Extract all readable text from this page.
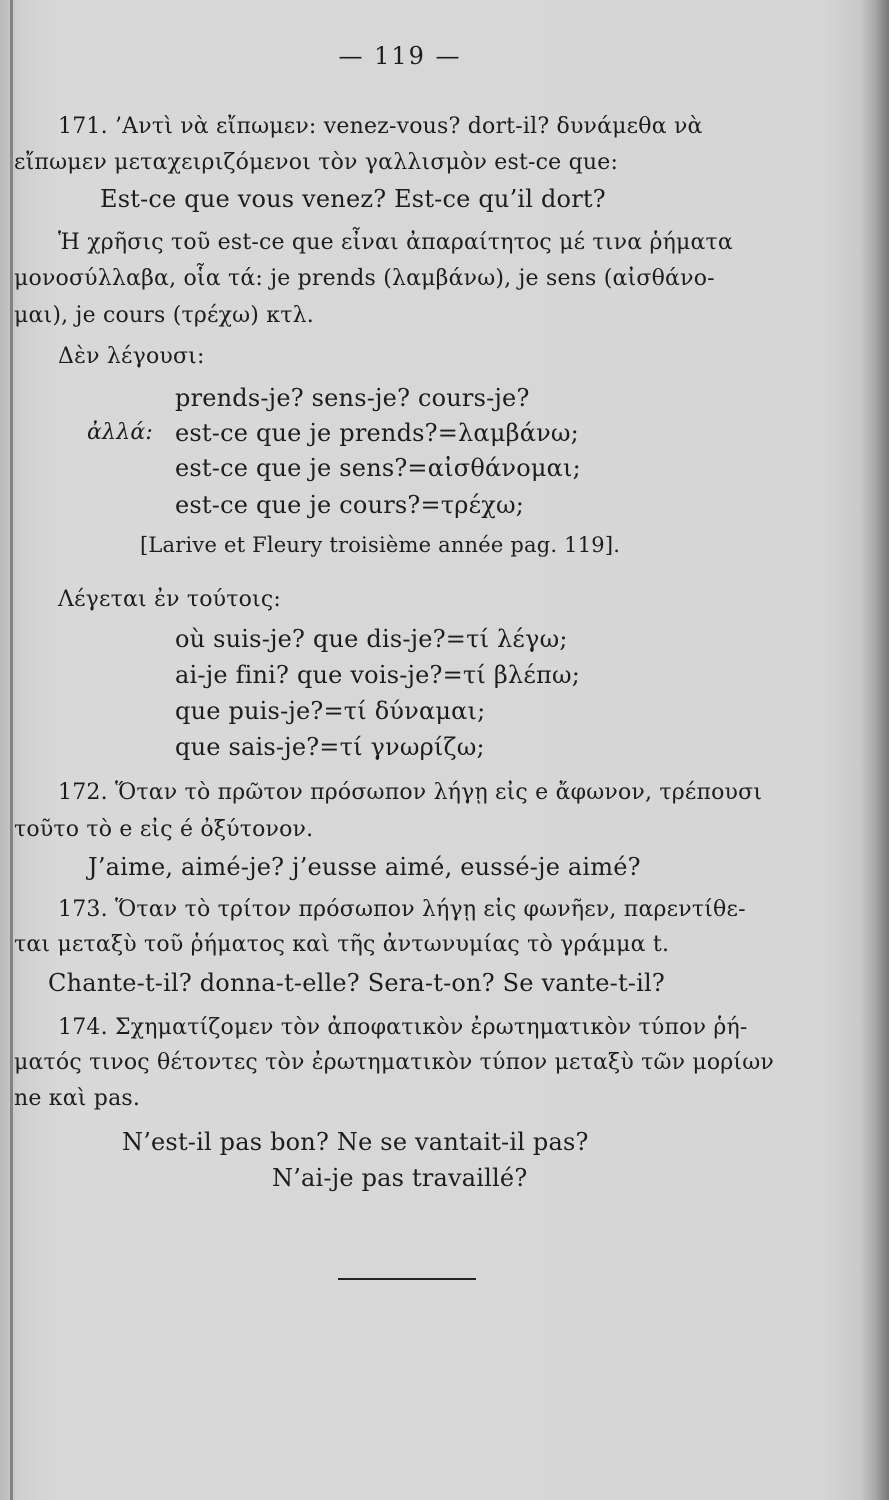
— 119 —
171. ’Αντὶ νὰ εἴπωμεν: venez-vous? dort-il? δυνάμεθα νὰ
εἴπωμεν μεταχειριζόμενοι τὸν γαλλισμὸν est-ce que:
Est-ce que vous venez? Est-ce qu’il dort?
Ἡ χρῆσις τοῦ est-ce que εἶναι ἀπαραίτητος μέ τινα ῥήματα
μονοσύλλαβα, οἷα τά: je prends (λαμβάνω), je sens (αἰσθάνο-
μαι), je cours (τρέχω) κτλ.
Δὲν λέγουσι:
prends-je? sens-je? cours-je?
ἀλλά: est-ce que je prends?=λαμβάνω;
est-ce que je sens?=αἰσθάνομαι;
est-ce que je cours?=τρέχω;
[Larive et Fleury troisième année pag. 119].
Λέγεται ἐν τούτοις:
où suis-je? que dis-je?=τί λέγω;
ai-je fini? que vois-je?=τί βλέπω;
que puis-je?=τί δύναμαι;
que sais-je?=τί γνωρίζω;
172. Ὅταν τὸ πρῶτον πρόσωπον λήγῃ εἰς e ἄφωνον, τρέπουσι
τοῦτο τὸ e εἰς é ὀξύτονον.
J’aime, aimé-je? j’eusse aimé, eussé-je aimé?
173. Ὅταν τὸ τρίτον πρόσωπον λήγῃ εἰς φωνῆεν, παρεντίθε-
ται μεταξὺ τοῦ ῥήματος καὶ τῆς ἀντωνυμίας τὸ γράμμα t.
Chante-t-il? donna-t-elle? Sera-t-on? Se vante-t-il?
174. Σχηματίζομεν τὸν ἀποφατικὸν ἐρωτηματικὸν τύπον ῥή-
ματός τινος θέτοντες τὸν ἐρωτηματικὸν τύπον μεταξὺ τῶν μορίων
ne καὶ pas.
N’est-il pas bon? Ne se vantait-il pas?
N’ai-je pas travaillé?
